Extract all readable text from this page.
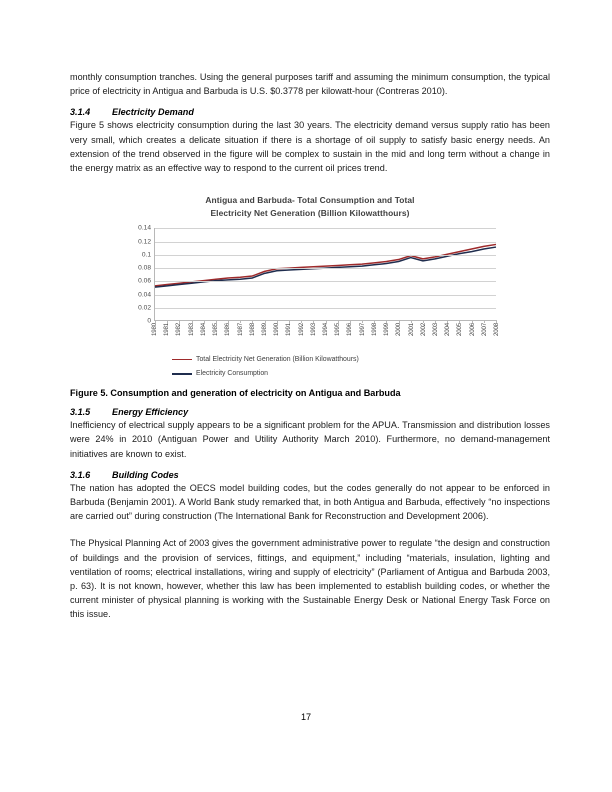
monthly consumption tranches. Using the general purposes tariff and assuming the minimum consumption, the typical price of electricity in Antigua and Barbuda is U.S. $0.3778 per kilowatt-hour (Contreras 2010).

3.1.4 Electricity Demand

Figure 5 shows electricity consumption during the last 30 years. The electricity demand versus supply ratio has been very small, which creates a delicate situation if there is a shortage of oil supply to satisfy basic energy needs. An extension of the trend observed in the figure will be complex to sustain in the mid and long term without a change in the energy matrix as an effective way to respond to the current oil prices trend.

Antigua and Barbuda- Total Consumption and Total
Electricity Net Generation (Billion Kilowatthours)
0
0.02
0.04
0.06
0.08
0.1
0.12
0.14
1980 1981 1982 1983 1984 1985 1986 1987 1988 1989 1990 1991 1992 1993 1994 1995 1996 1997 1998 1999 2000 2001 2002 2003 2004 2005 2006 2007 2008
Total Electricity Net Generation (Billion Kilowatthours)
Electricity Consumption

Figure 5. Consumption and generation of electricity on Antigua and Barbuda

3.1.5 Energy Efficiency

Inefficiency of electrical supply appears to be a significant problem for the APUA. Transmission and distribution losses were 24% in 2010 (Antiguan Power and Utility Authority March 2010). Furthermore, no demand-management initiatives are known to exist.

3.1.6 Building Codes

The nation has adopted the OECS model building codes, but the codes generally do not appear to be enforced in Barbuda (Benjamin 2001). A World Bank study remarked that, in both Antigua and Barbuda, effectively “no inspections are carried out” during construction (The International Bank for Reconstruction and Development 2006).

The Physical Planning Act of 2003 gives the government administrative power to regulate “the design and construction of buildings and the provision of services, fittings, and equipment,” including “materials, insulation, lighting and ventilation of rooms; electrical installations, wiring and supply of electricity” (Parliament of Antigua and Barbuda 2003, p. 63). It is not known, however, whether this law has been implemented to establish building codes, or whether the current minister of physical planning is working with the Sustainable Energy Desk or National Energy Task Force on this issue.

17
